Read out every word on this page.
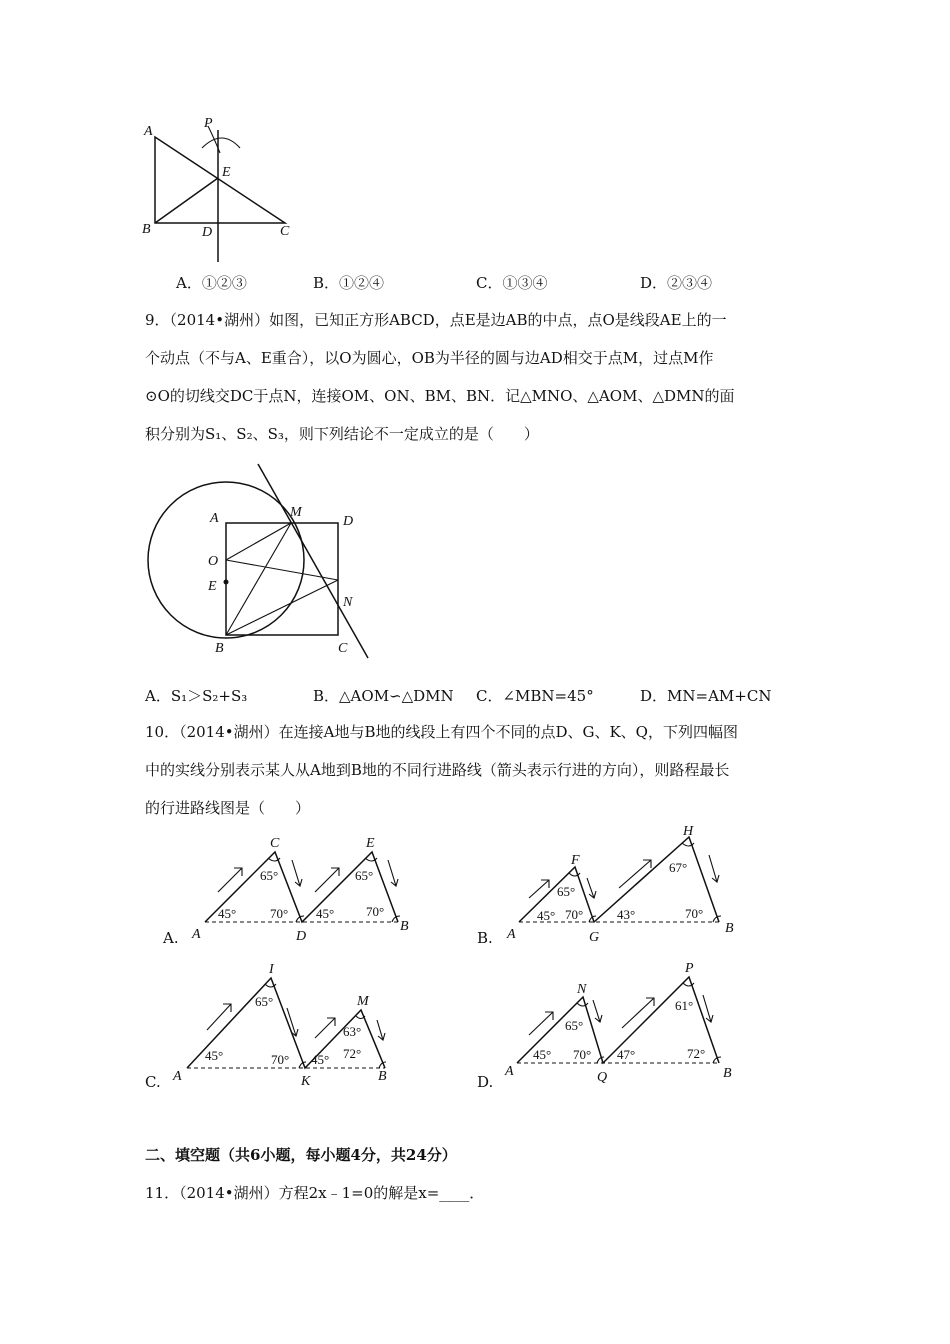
A
P
E
B	D	C
A．①②③	B．①②④	C．①③④	D．②③④
9．（2014•湖州）如图，已知正方形ABCD，点E是边AB的中点，点O是线段AE上的一
个动点（不与A、E重合），以O为圆心，OB为半径的圆与边AD相交于点M，过点M作
⊙O的切线交DC于点N，连接OM、ON、BM、BN．记△MNO、△AOM、△DMN的面
积分别为S₁、S₂、S₃，则下列结论不一定成立的是（　　）
A	M
D
O
E
N
B	C
A．S₁＞S₂+S₃	B．△AOM∽△DMN C．∠MBN=45°	D．MN=AM+CN
10．（2014•湖州）在连接A地与B地的线段上有四个不同的点D、G、K、Q，下列四幅图
中的实线分别表示某人从A地到B地的不同行进路线（箭头表示行进的方向），则路程最长
的行进路线图是（　　）
A. A
C
D
E
B
45°
65°
70° 45°
65°
70°
B. A
F
G
H
B
45°
65°
70°	43°
67°
70°
C. A
I
K
M
B
45°
65°
70° 45°
63°
72°
D.
A
N
Q
P
B
45°
65°
70° 47°
61°
72°
二、填空题（共6小题，每小题4分，共24分）
11．（2014•湖州）方程2x﹣1=0的解是x=____．
